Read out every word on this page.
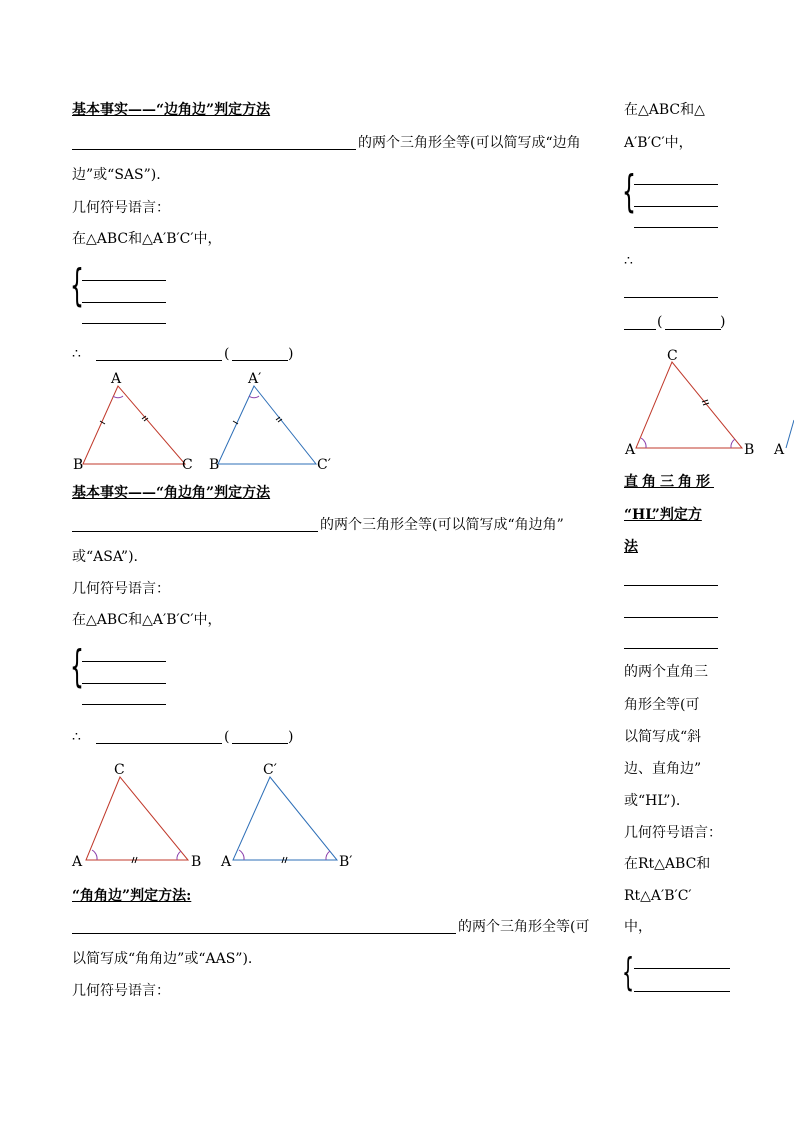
基本事实——“边角边”判定方法
的两个三角形全等(可以简写成“边角
边”或“SAS”).
几何符号语言：
在△ABC和△A′B′C′中，
{
∴	(	)
A
B	C
A′
B	C′
基本事实——“角边角”判定方法
的两个三角形全等(可以简写成“角边角”
或“ASA”).
几何符号语言：
在△ABC和△A′B′C′中，
{
∴	(	)
C
A	B
C′
A	B′
“角角边”判定方法:
的两个三角形全等(可
以简写成“角角边”或“AAS”).
几何符号语言：
在△ABC和△
A′B′C′中，
{
∴
(	)
C
A	B A
直角三角形
“HL”判定方
法
的两个直角三
角形全等(可
以简写成“斜
边、直角边”
或“HL”).
几何符号语言：
在Rt△ABC和
Rt△A′B′C′
中，
{
